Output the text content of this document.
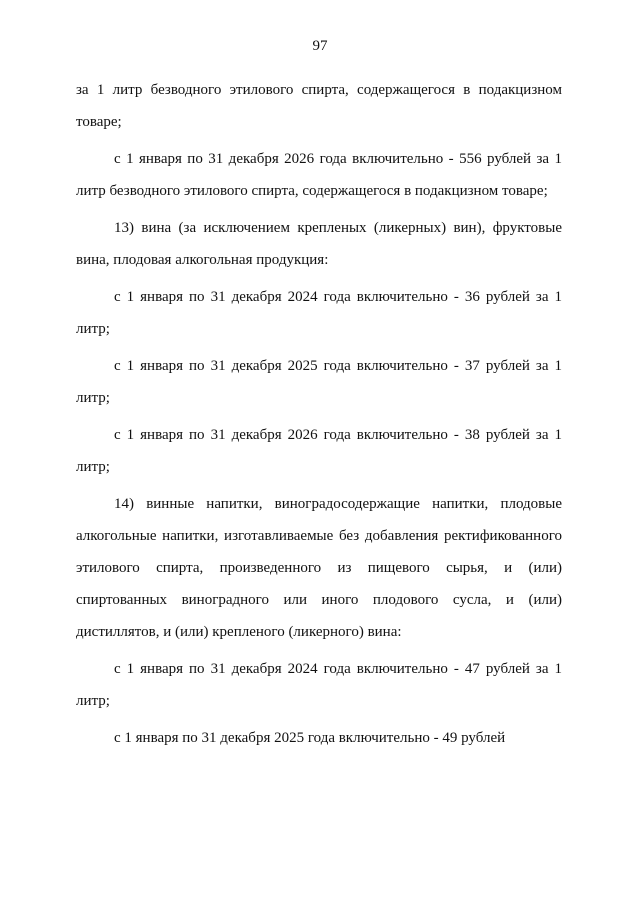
97

за 1 литр безводного этилового спирта, содержащегося в подакцизном товаре;

с 1 января по 31 декабря 2026 года включительно - 556 рублей за 1 литр безводного этилового спирта, содержащегося в подакцизном товаре;

13) вина (за исключением крепленых (ликерных) вин), фруктовые вина, плодовая алкогольная продукция:

с 1 января по 31 декабря 2024 года включительно - 36 рублей за 1 литр;

с 1 января по 31 декабря 2025 года включительно - 37 рублей за 1 литр;

с 1 января по 31 декабря 2026 года включительно - 38 рублей за 1 литр;

14) винные напитки, виноградосодержащие напитки, плодовые алкогольные напитки, изготавливаемые без добавления ректификованного этилового спирта, произведенного из пищевого сырья, и (или) спиртованных виноградного или иного плодового сусла, и (или) дистиллятов, и (или) крепленого (ликерного) вина:

с 1 января по 31 декабря 2024 года включительно - 47 рублей за 1 литр;

с 1 января по 31 декабря 2025 года включительно - 49 рублей
